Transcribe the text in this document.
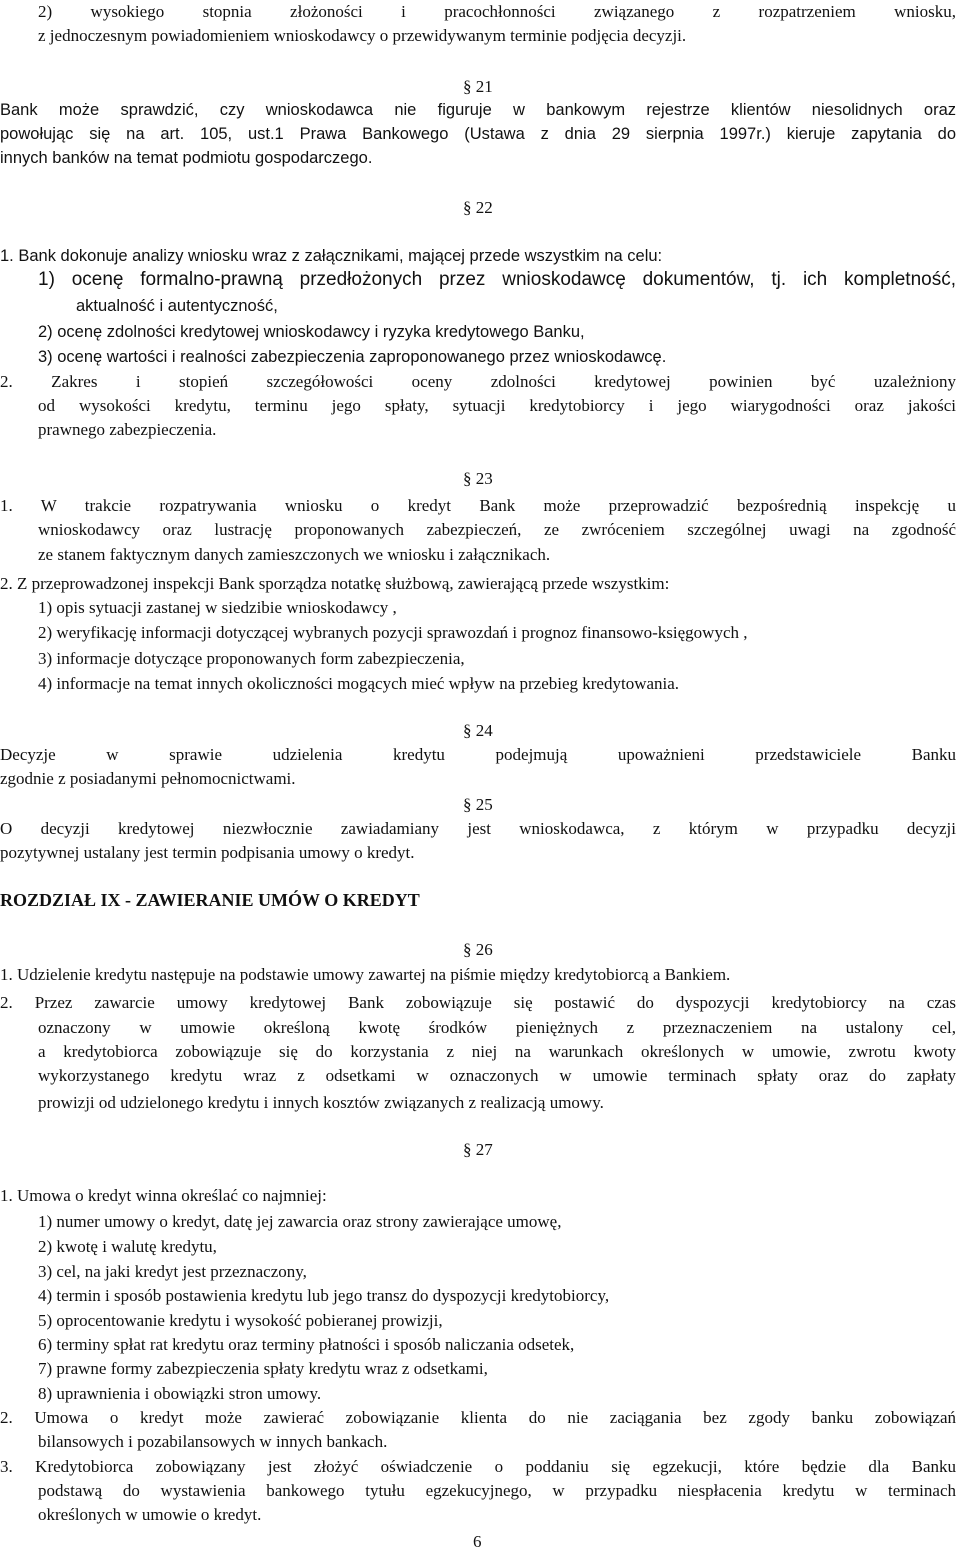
2) wysokiego stopnia złożoności i pracochłonności związanego z rozpatrzeniem wniosku,
z jednoczesnym powiadomieniem wnioskodawcy o przewidywanym terminie podjęcia decyzji.
§ 21
Bank może sprawdzić, czy wnioskodawca nie figuruje w bankowym rejestrze klientów niesolidnych oraz
powołując się na art. 105, ust.1 Prawa Bankowego (Ustawa z dnia 29 sierpnia 1997r.) kieruje zapytania do
innych banków na temat podmiotu gospodarczego.
§ 22
1. Bank dokonuje analizy wniosku wraz z załącznikami, mającej przede wszystkim na celu:
1) ocenę formalno-prawną przedłożonych przez wnioskodawcę dokumentów, tj. ich kompletność,
aktualność i autentyczność,
2) ocenę zdolności kredytowej wnioskodawcy i ryzyka kredytowego Banku,
3) ocenę wartości i realności zabezpieczenia zaproponowanego przez wnioskodawcę.
2. Zakres i stopień szczegółowości oceny zdolności kredytowej powinien być uzależniony
od wysokości kredytu, terminu jego spłaty, sytuacji kredytobiorcy i jego wiarygodności oraz jakości
prawnego zabezpieczenia.
§ 23
1. W trakcie rozpatrywania wniosku o kredyt Bank może przeprowadzić bezpośrednią inspekcję u
wnioskodawcy oraz lustrację proponowanych zabezpieczeń, ze zwróceniem szczególnej uwagi na zgodność
ze stanem faktycznym danych zamieszczonych we wniosku i załącznikach.
2. Z przeprowadzonej inspekcji Bank sporządza notatkę służbową, zawierającą przede wszystkim:
1) opis sytuacji zastanej w siedzibie wnioskodawcy ,
2) weryfikację informacji dotyczącej wybranych pozycji sprawozdań i prognoz finansowo-księgowych ,
3) informacje dotyczące proponowanych form zabezpieczenia,
4) informacje na temat innych okoliczności mogących mieć wpływ na przebieg kredytowania.
§ 24
Decyzje w sprawie udzielenia kredytu podejmują upoważnieni przedstawiciele Banku
zgodnie z posiadanymi pełnomocnictwami.
§ 25
O decyzji kredytowej niezwłocznie zawiadamiany jest wnioskodawca, z którym w przypadku decyzji
pozytywnej ustalany jest termin podpisania umowy o kredyt.
ROZDZIAŁ IX - ZAWIERANIE UMÓW O KREDYT
§ 26
1. Udzielenie kredytu następuje na podstawie umowy zawartej na piśmie między kredytobiorcą a Bankiem.
2. Przez zawarcie umowy kredytowej Bank zobowiązuje się postawić do dyspozycji kredytobiorcy na czas
oznaczony w umowie określoną kwotę środków pieniężnych z przeznaczeniem na ustalony cel,
a kredytobiorca zobowiązuje się do korzystania z niej na warunkach określonych w umowie, zwrotu kwoty
wykorzystanego kredytu wraz z odsetkami w oznaczonych w umowie terminach spłaty oraz do zapłaty
prowizji od udzielonego kredytu i innych kosztów związanych z realizacją umowy.
§ 27
1. Umowa o kredyt winna określać co najmniej:
1) numer umowy o kredyt, datę jej zawarcia oraz strony zawierające umowę,
2) kwotę i walutę kredytu,
3) cel, na jaki kredyt jest przeznaczony,
4) termin i sposób postawienia kredytu lub jego transz do dyspozycji kredytobiorcy,
5) oprocentowanie kredytu i wysokość pobieranej prowizji,
6) terminy spłat rat kredytu oraz terminy płatności i sposób naliczania odsetek,
7) prawne formy zabezpieczenia spłaty kredytu wraz z odsetkami,
8) uprawnienia i obowiązki stron umowy.
2. Umowa o kredyt może zawierać zobowiązanie klienta do nie zaciągania bez zgody banku zobowiązań
bilansowych i pozabilansowych w innych bankach.
3. Kredytobiorca zobowiązany jest złożyć oświadczenie o poddaniu się egzekucji, które będzie dla Banku
podstawą do wystawienia bankowego tytułu egzekucyjnego, w przypadku niespłacenia kredytu w terminach
określonych w umowie o kredyt.
6
